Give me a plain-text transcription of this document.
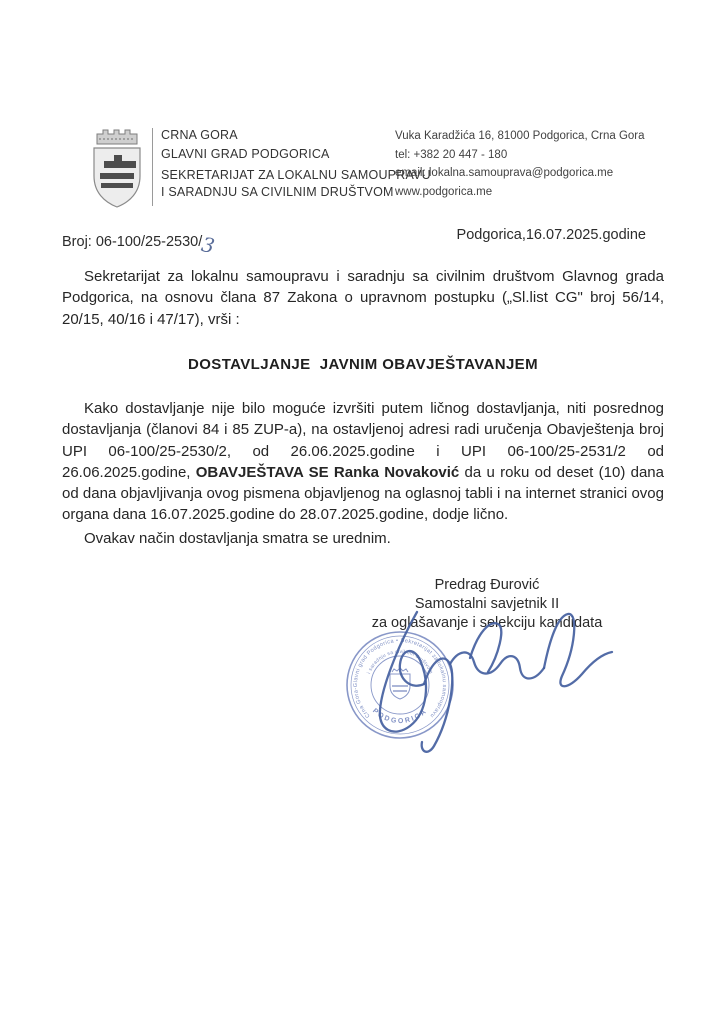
CRNA GORA
GLAVNI GRAD PODGORICA
SEKRETARIJAT ZA LOKALNU SAMOUPRAVU
I SARADNJU SA CIVILNIM DRUŠTVOM
Vuka Karadžića 16, 81000 Podgorica, Crna Gora
tel: +382 20 447 - 180
email: lokalna.samouprava@podgorica.me
www.podgorica.me
Broj: 06-100/25-2530/3	Podgorica,16.07.2025.godine

Sekretarijat za lokalnu samoupravu i saradnju sa civilnim društvom Glavnog grada Podgorica, na osnovu člana 87 Zakona o upravnom postupku („Sl.list CG" broj 56/14, 20/15, 40/16 i 47/17), vrši :

DOSTAVLJANJE  JAVNIM OBAVJEŠTAVANJEM

Kako dostavljanje nije bilo moguće izvršiti putem ličnog dostavljanja, niti posrednog dostavljanja (članovi 84 i 85 ZUP-a), na ostavljenoj adresi radi uručenja Obavještenja broj UPI 06-100/25-2530/2, od 26.06.2025.godine i UPI 06-100/25-2531/2 od 26.06.2025.godine, OBAVJEŠTAVA SE Ranka Novaković da u roku od deset (10) dana od dana objavljivanja ovog pismena objavljenog na oglasnoj tabli i na internet stranici ovog organa dana 16.07.2025.godine do 28.07.2025.godine, dodje lično.

Ovakav način dostavljanja smatra se urednim.

Predrag Đurović
Samostalni savjetnik II
za oglašavanje i selekciju kandidata
Crna Gora-Glavni grad Podgorica • Sekretarijat za lokalnu samoupravu
i saradnju sa civilnim društvom
PODGORICA
